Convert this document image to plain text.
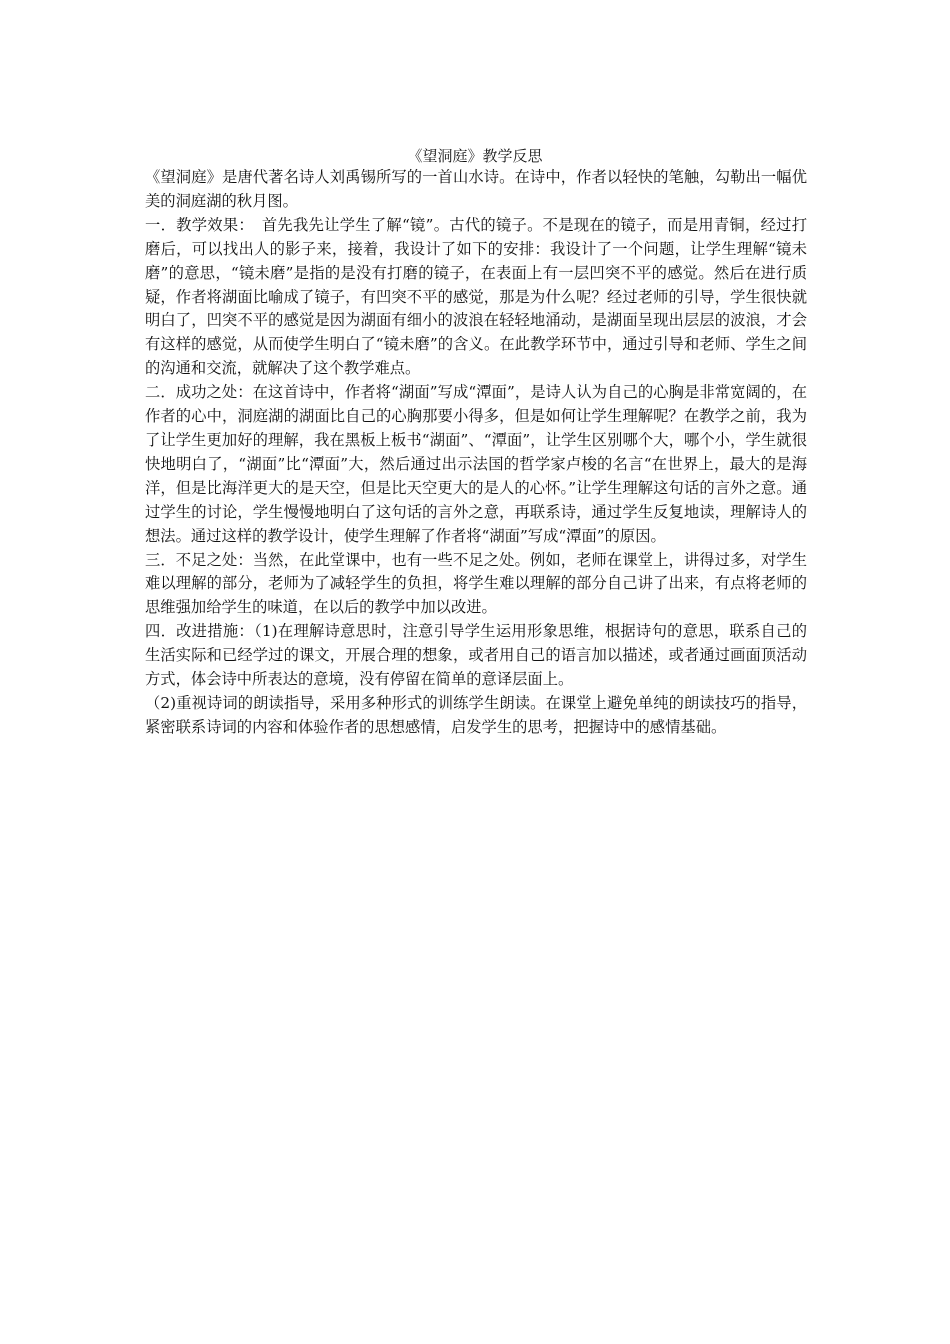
《望洞庭》教学反思

《望洞庭》是唐代著名诗人刘禹锡所写的一首山水诗。在诗中，作者以轻快的笔触，勾勒出一幅优美的洞庭湖的秋月图。

一．教学效果：　首先我先让学生了解“镜”。古代的镜子。不是现在的镜子，而是用青铜，经过打磨后，可以找出人的影子来，接着，我设计了如下的安排：我设计了一个问题，让学生理解“镜未磨”的意思，“镜未磨”是指的是没有打磨的镜子，在表面上有一层凹突不平的感觉。然后在进行质疑，作者将湖面比喻成了镜子，有凹突不平的感觉，那是为什么呢？经过老师的引导，学生很快就明白了，凹突不平的感觉是因为湖面有细小的波浪在轻轻地涌动，是湖面呈现出层层的波浪，才会有这样的感觉，从而使学生明白了“镜未磨”的含义。在此教学环节中，通过引导和老师、学生之间的沟通和交流，就解决了这个教学难点。

二．成功之处：在这首诗中，作者将“湖面”写成“潭面”，是诗人认为自己的心胸是非常宽阔的，在作者的心中，洞庭湖的湖面比自己的心胸那要小得多，但是如何让学生理解呢？在教学之前，我为了让学生更加好的理解，我在黑板上板书“湖面”、“潭面”，让学生区别哪个大，哪个小，学生就很快地明白了，“湖面”比“潭面”大，然后通过出示法国的哲学家卢梭的名言“在世界上，最大的是海洋，但是比海洋更大的是天空，但是比天空更大的是人的心怀。”让学生理解这句话的言外之意。通过学生的讨论，学生慢慢地明白了这句话的言外之意，再联系诗，通过学生反复地读，理解诗人的想法。通过这样的教学设计，使学生理解了作者将“湖面”写成“潭面”的原因。

三．不足之处：当然，在此堂课中，也有一些不足之处。例如，老师在课堂上，讲得过多，对学生难以理解的部分，老师为了减轻学生的负担，将学生难以理解的部分自己讲了出来，有点将老师的思维强加给学生的味道，在以后的教学中加以改进。

四．改进措施：（1)在理解诗意思时，注意引导学生运用形象思维，根据诗句的意思，联系自己的生活实际和已经学过的课文，开展合理的想象，或者用自己的语言加以描述，或者通过画面顶活动方式，体会诗中所表达的意境，没有停留在简单的意译层面上。

（2)重视诗词的朗读指导，采用多种形式的训练学生朗读。在课堂上避免单纯的朗读技巧的指导，紧密联系诗词的内容和体验作者的思想感情，启发学生的思考，把握诗中的感情基础。
